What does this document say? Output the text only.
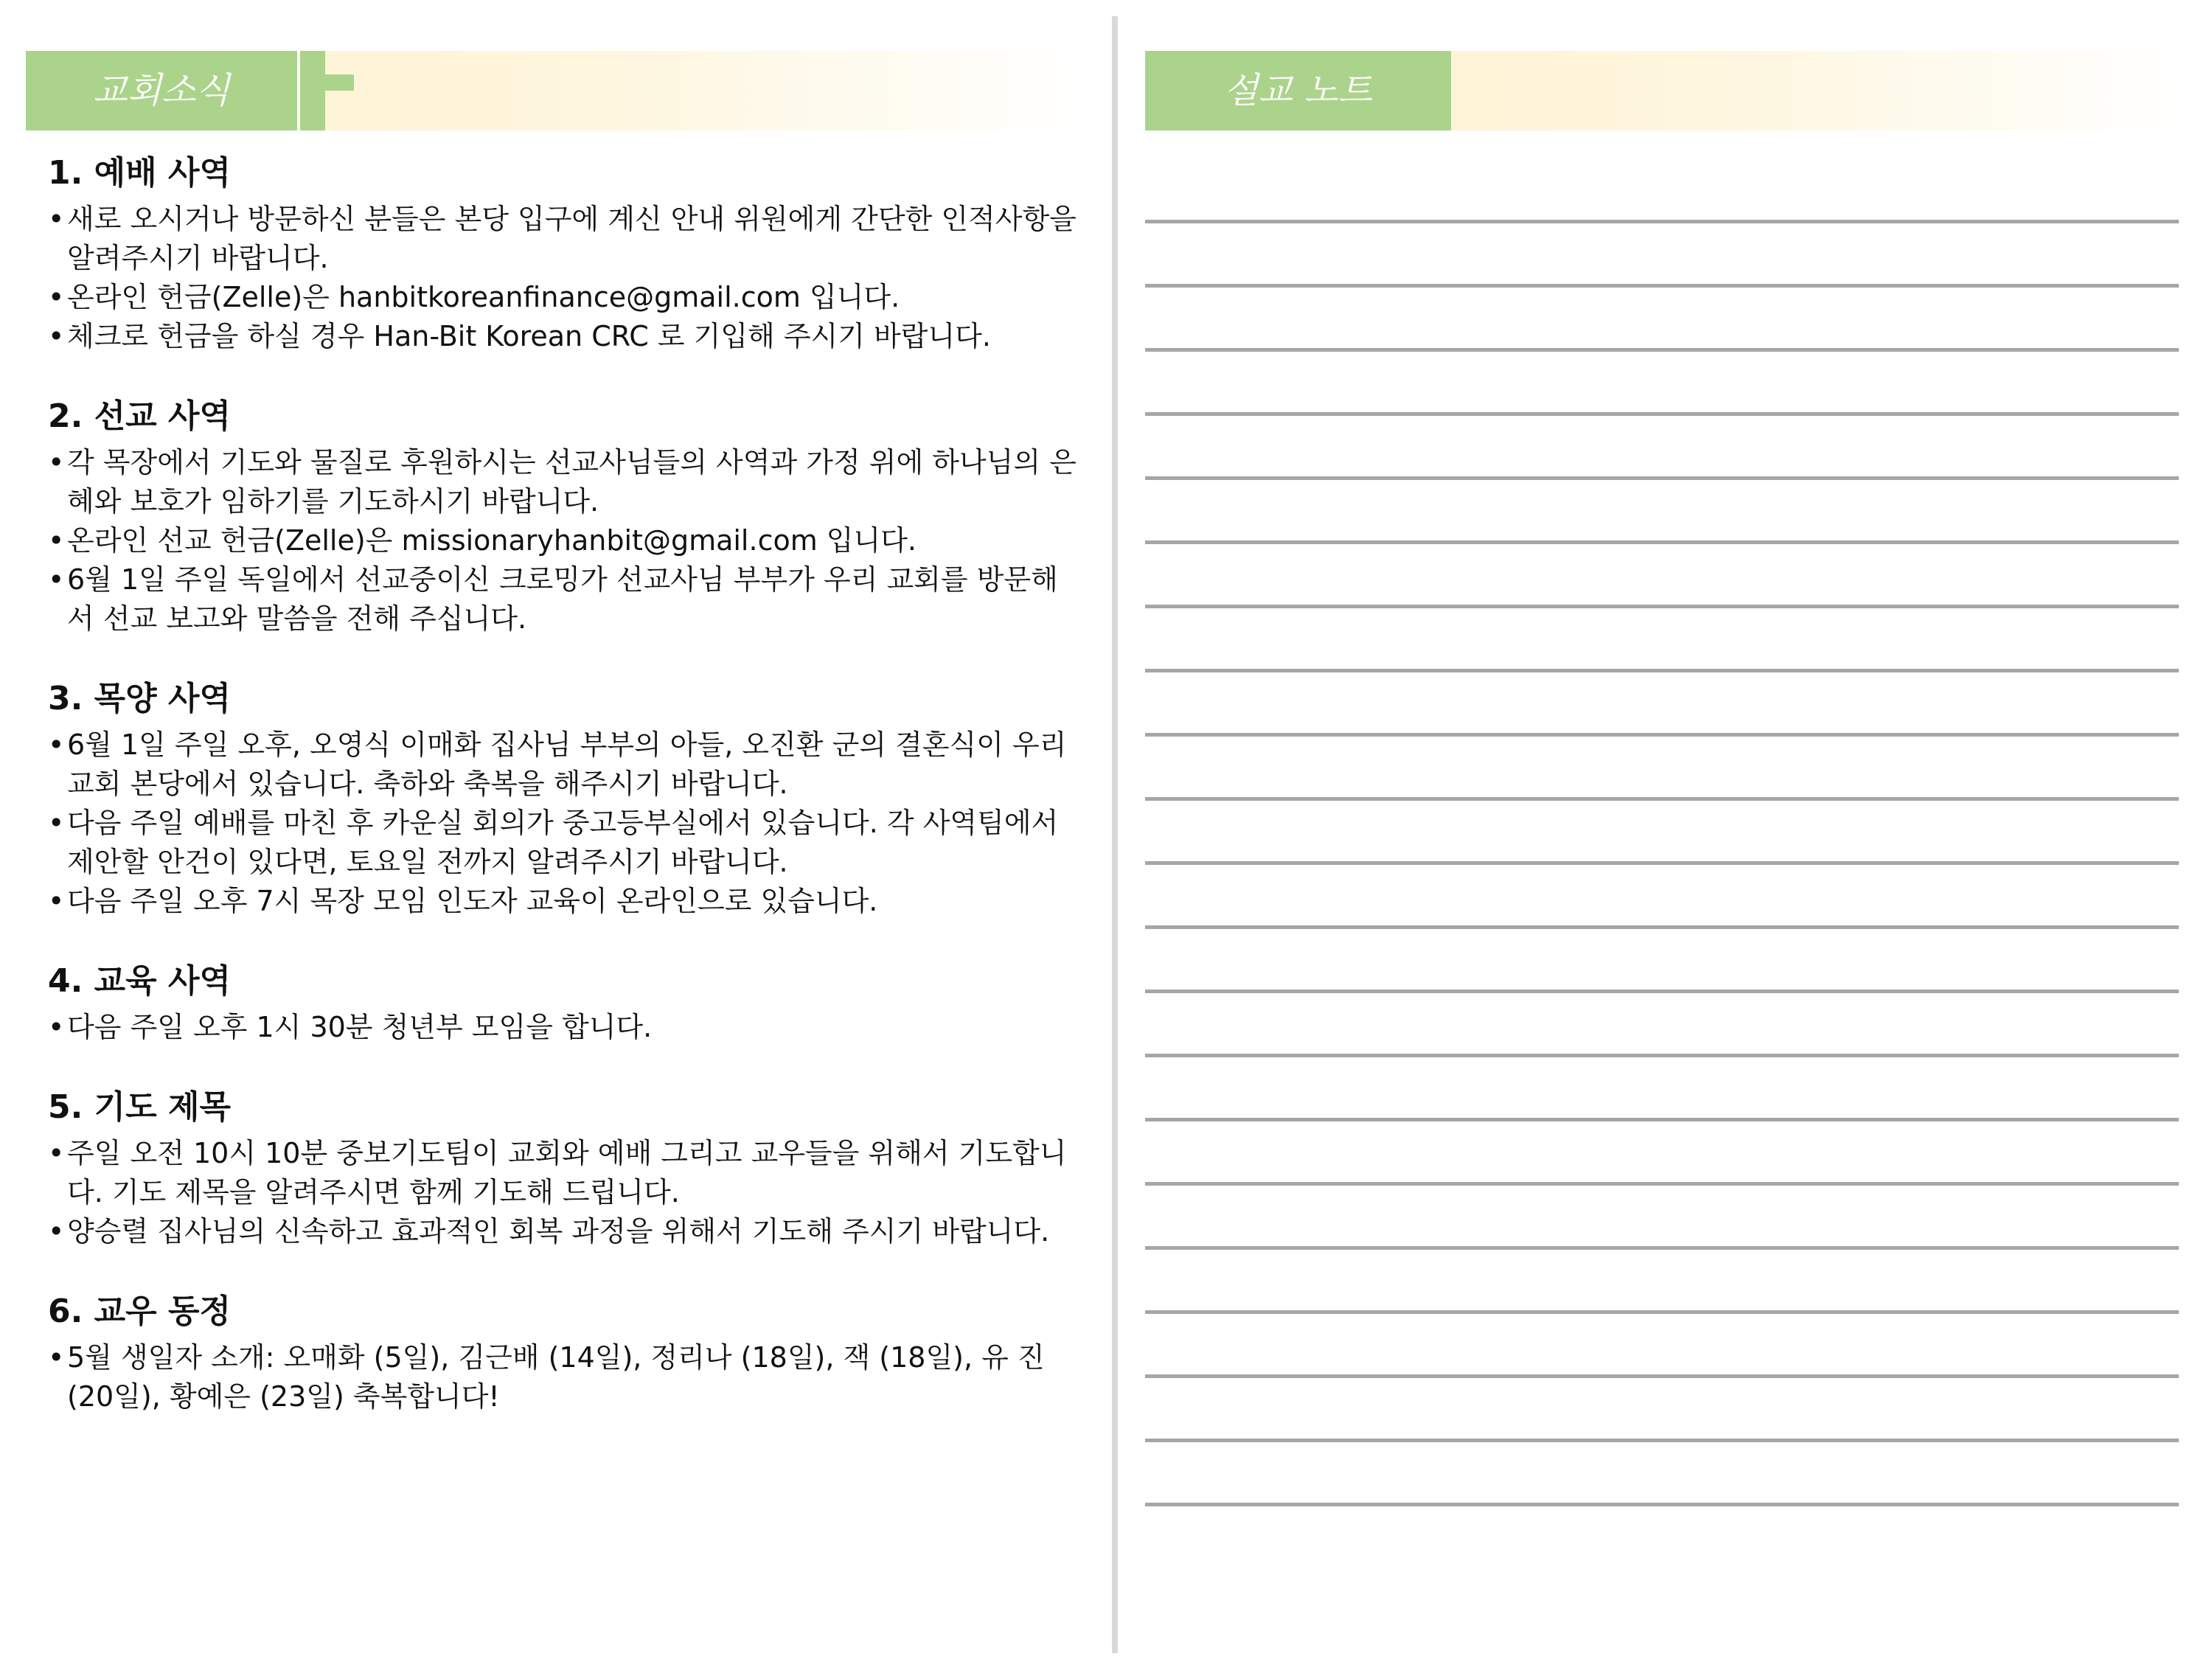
교회소식	설교 노트
1. 예배 사역

• 새로 오시거나 방문하신 분들은 본당 입구에 계신 안내 위원에게 간단한 인적사항을 알려주시기 바랍니다.

• 온라인 헌금(Zelle)은 hanbitkoreanfinance@gmail.com 입니다.

• 체크로 헌금을 하실 경우 Han-Bit Korean CRC 로 기입해 주시기 바랍니다.

2. 선교 사역

• 각 목장에서 기도와 물질로 후원하시는 선교사님들의 사역과 가정 위에 하나님의 은혜와 보호가 임하기를 기도하시기 바랍니다.

• 온라인 선교 헌금(Zelle)은 missionaryhanbit@gmail.com 입니다.

• 6월 1일 주일 독일에서 선교중이신 크로밍가 선교사님 부부가 우리 교회를 방문해서 선교 보고와 말씀을 전해 주십니다.

3. 목양 사역

• 6월 1일 주일 오후, 오영식 이매화 집사님 부부의 아들, 오진환 군의 결혼식이 우리 교회 본당에서 있습니다. 축하와 축복을 해주시기 바랍니다.

• 다음 주일 예배를 마친 후 카운실 회의가 중고등부실에서 있습니다. 각 사역팀에서 제안할 안건이 있다면, 토요일 전까지 알려주시기 바랍니다.

• 다음 주일 오후 7시 목장 모임 인도자 교육이 온라인으로 있습니다.

4. 교육 사역

• 다음 주일 오후 1시 30분 청년부 모임을 합니다.

5. 기도 제목

• 주일 오전 10시 10분 중보기도팀이 교회와 예배 그리고 교우들을 위해서 기도합니다. 기도 제목을 알려주시면 함께 기도해 드립니다.

• 양승렬 집사님의 신속하고 효과적인 회복 과정을 위해서 기도해 주시기 바랍니다.

6. 교우 동정

• 5월 생일자 소개: 오매화 (5일), 김근배 (14일), 정리나 (18일), 잭 (18일), 유 진(20일), 황예은 (23일) 축복합니다!
